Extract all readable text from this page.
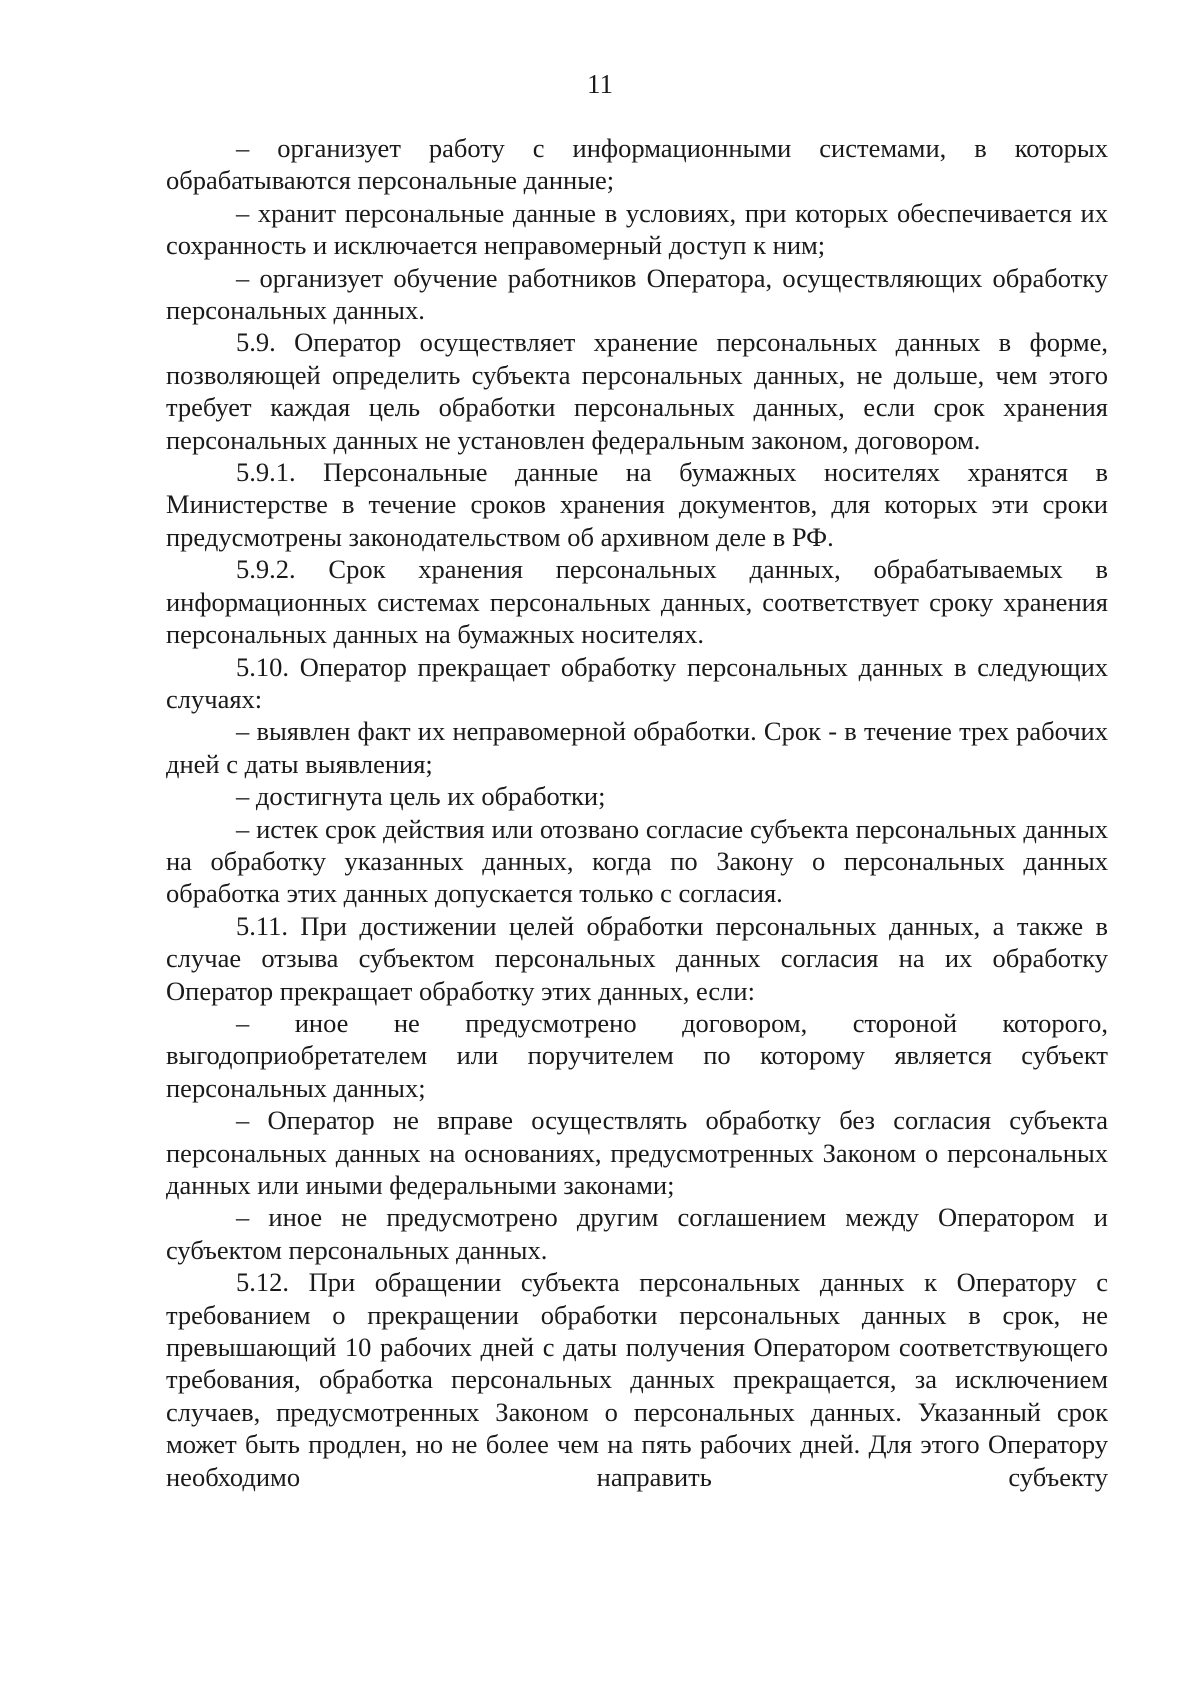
11

– организует работу с информационными системами, в которых обрабатываются персональные данные;

– хранит персональные данные в условиях, при которых обеспечивается их сохранность и исключается неправомерный доступ к ним;

– организует обучение работников Оператора, осуществляющих обработку персональных данных.

5.9. Оператор осуществляет хранение персональных данных в форме, позволяющей определить субъекта персональных данных, не дольше, чем этого требует каждая цель обработки персональных данных, если срок хранения персональных данных не установлен федеральным законом, договором.

5.9.1. Персональные данные на бумажных носителях хранятся в Министерстве в течение сроков хранения документов, для которых эти сроки предусмотрены законодательством об архивном деле в РФ.

5.9.2. Срок хранения персональных данных, обрабатываемых в информационных системах персональных данных, соответствует сроку хранения персональных данных на бумажных носителях.

5.10. Оператор прекращает обработку персональных данных в следующих случаях:

– выявлен факт их неправомерной обработки. Срок - в течение трех рабочих дней с даты выявления;

– достигнута цель их обработки;

– истек срок действия или отозвано согласие субъекта персональных данных на обработку указанных данных, когда по Закону о персональных данных обработка этих данных допускается только с согласия.

5.11. При достижении целей обработки персональных данных, а также в случае отзыва субъектом персональных данных согласия на их обработку Оператор прекращает обработку этих данных, если:

– иное не предусмотрено договором, стороной которого, выгодоприобретателем или поручителем по которому является субъект персональных данных;

– Оператор не вправе осуществлять обработку без согласия субъекта персональных данных на основаниях, предусмотренных Законом о персональных данных или иными федеральными законами;

– иное не предусмотрено другим соглашением между Оператором и субъектом персональных данных.

5.12. При обращении субъекта персональных данных к Оператору с требованием о прекращении обработки персональных данных в срок, не превышающий 10 рабочих дней с даты получения Оператором соответствующего требования, обработка персональных данных прекращается, за исключением случаев, предусмотренных Законом о персональных данных. Указанный срок может быть продлен, но не более чем на пять рабочих дней. Для этого Оператору необходимо направить субъекту
